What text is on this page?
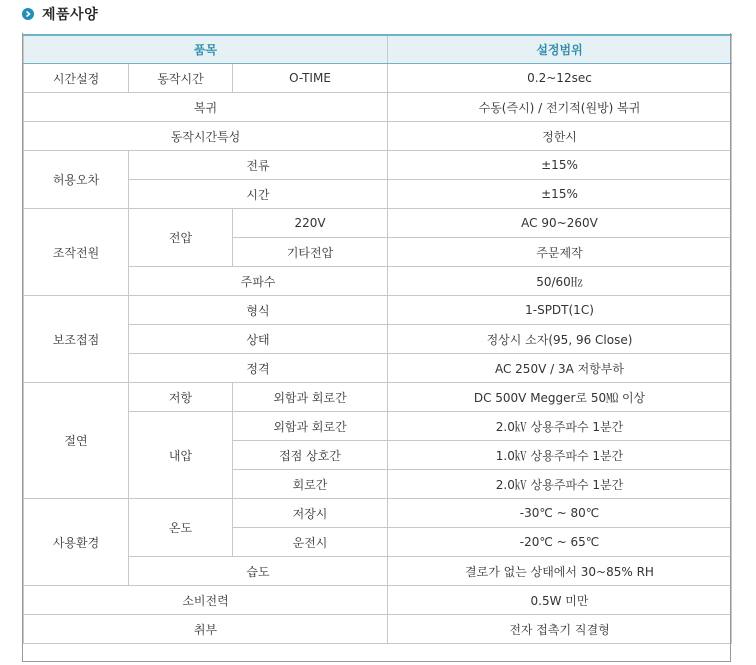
제품사양
품목			설정범위
시간설정	동작시간	O-TIME	0.2~12sec
복귀			수동(즉시) / 전기적(원방) 복귀
동작시간특성			정한시
허용오차	전류		±15%
	시간		±15%
조작전원	전압	220V	AC 90~260V
		기타전압	주문제작
	주파수		50/60㎐
보조접점	형식		1-SPDT(1C)
	상태		정상시 소자(95, 96 Close)
	정격		AC 250V / 3A 저항부하
절연	저항	외함과 회로간	DC 500V Megger로 50㏁ 이상
	내압	외함과 회로간	2.0㎸ 상용주파수 1분간
		접점 상호간	1.0㎸ 상용주파수 1분간
		회로간	2.0㎸ 상용주파수 1분간
사용환경	온도	저장시	-30℃ ~ 80℃
		운전시	-20℃ ~ 65℃
	습도		결로가 없는 상태에서 30~85% RH
소비전력			0.5W 미만
취부			전자 접촉기 직결형
